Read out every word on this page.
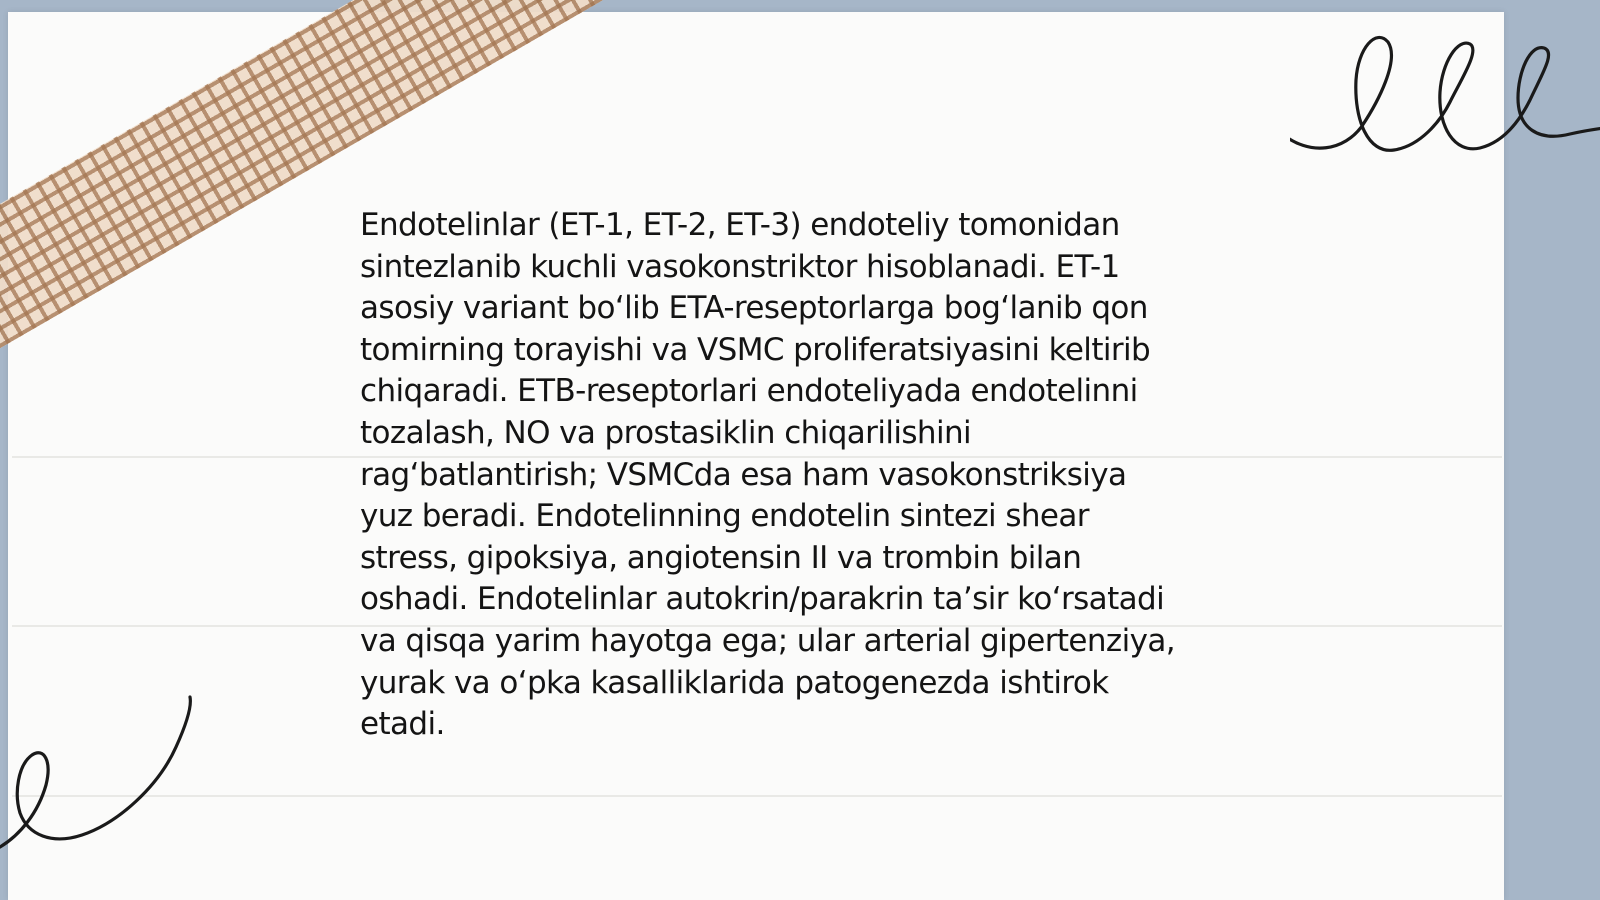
Endotelinlar (ET-1, ET-2, ET-3) endoteliy tomonidan
sintezlanib kuchli vasokonstriktor hisoblanadi. ET-1
asosiy variant bo‘lib ETA-reseptorlarga bog‘lanib qon
tomirning torayishi va VSMC proliferatsiyasini keltirib
chiqaradi. ETB-reseptorlari endoteliyada endotelinni
tozalash, NO va prostasiklin chiqarilishini
rag‘batlantirish; VSMCda esa ham vasokonstriksiya
yuz beradi. Endotelinning endotelin sintezi shear
stress, gipoksiya, angiotensin II va trombin bilan
oshadi. Endotelinlar autokrin/parakrin ta’sir ko‘rsatadi
va qisqa yarim hayotga ega; ular arterial gipertenziya,
yurak va o‘pka kasalliklarida patogenezda ishtirok
etadi.
